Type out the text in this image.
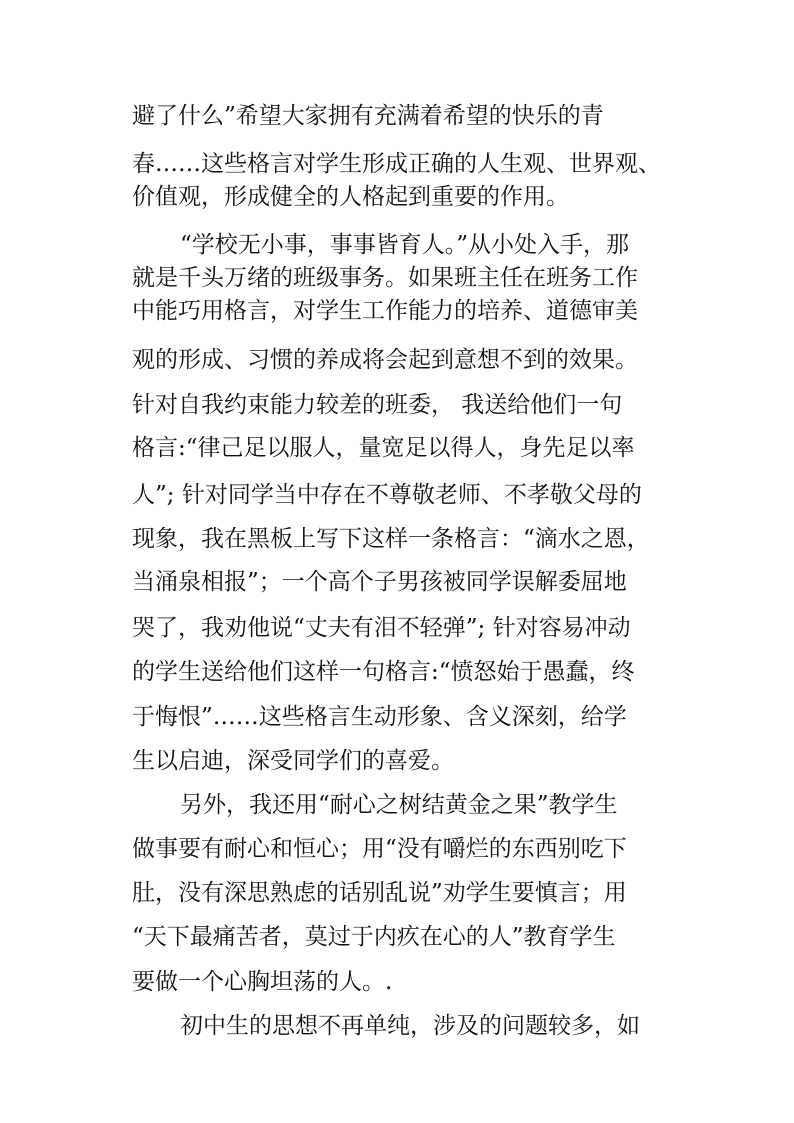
避了什么”希望大家拥有充满着希望的快乐的青
春……这些格言对学生形成正确的人生观、世界观、
价值观，形成健全的人格起到重要的作用。
“学校无小事，事事皆育人。”从小处入手，那
就是千头万绪的班级事务。如果班主任在班务工作
中能巧用格言，对学生工作能力的培养、道德审美
观的形成、习惯的养成将会起到意想不到的效果。
针对自我约束能力较差的班委， 我送给他们一句
格言:“律己足以服人，量宽足以得人，身先足以率
人”; 针对同学当中存在不尊敬老师、不孝敬父母的
现象，我在黑板上写下这样一条格言：“滴水之恩，
当涌泉相报”；一个高个子男孩被同学误解委屈地
哭了，我劝他说“丈夫有泪不轻弹”; 针对容易冲动
的学生送给他们这样一句格言:“愤怒始于愚蠢，终
于悔恨”……这些格言生动形象、含义深刻，给学
生以启迪，深受同学们的喜爱。
另外，我还用“耐心之树结黄金之果”教学生
做事要有耐心和恒心；用“没有嚼烂的东西别吃下
肚，没有深思熟虑的话别乱说”劝学生要慎言；用
“天下最痛苦者，莫过于内疚在心的人”教育学生
要做一个心胸坦荡的人。.
初中生的思想不再单纯，涉及的问题较多，如
